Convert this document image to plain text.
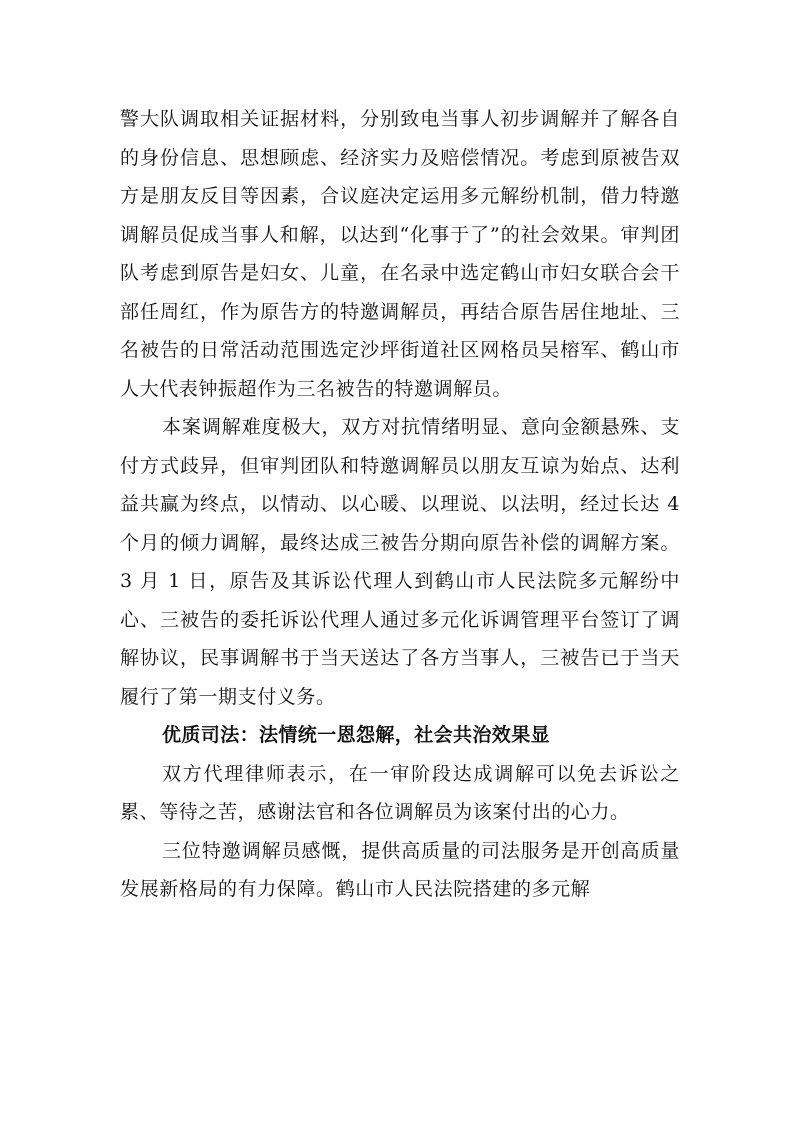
警大队调取相关证据材料，分别致电当事人初步调解并了解各自的身份信息、思想顾虑、经济实力及赔偿情况。考虑到原被告双方是朋友反目等因素，合议庭决定运用多元解纷机制，借力特邀调解员促成当事人和解，以达到“化事于了”的社会效果。审判团队考虑到原告是妇女、儿童，在名录中选定鹤山市妇女联合会干部任周红，作为原告方的特邀调解员，再结合原告居住地址、三名被告的日常活动范围选定沙坪街道社区网格员吴榕军、鹤山市人大代表钟振超作为三名被告的特邀调解员。

本案调解难度极大，双方对抗情绪明显、意向金额悬殊、支付方式歧异，但审判团队和特邀调解员以朋友互谅为始点、达利益共赢为终点，以情动、以心暖、以理说、以法明，经过长达 4 个月的倾力调解，最终达成三被告分期向原告补偿的调解方案。3 月 1 日，原告及其诉讼代理人到鹤山市人民法院多元解纷中心、三被告的委托诉讼代理人通过多元化诉调管理平台签订了调解协议，民事调解书于当天送达了各方当事人，三被告已于当天履行了第一期支付义务。

优质司法：法情统一恩怨解，社会共治效果显

双方代理律师表示，在一审阶段达成调解可以免去诉讼之累、等待之苦，感谢法官和各位调解员为该案付出的心力。

三位特邀调解员感慨，提供高质量的司法服务是开创高质量发展新格局的有力保障。鹤山市人民法院搭建的多元解
